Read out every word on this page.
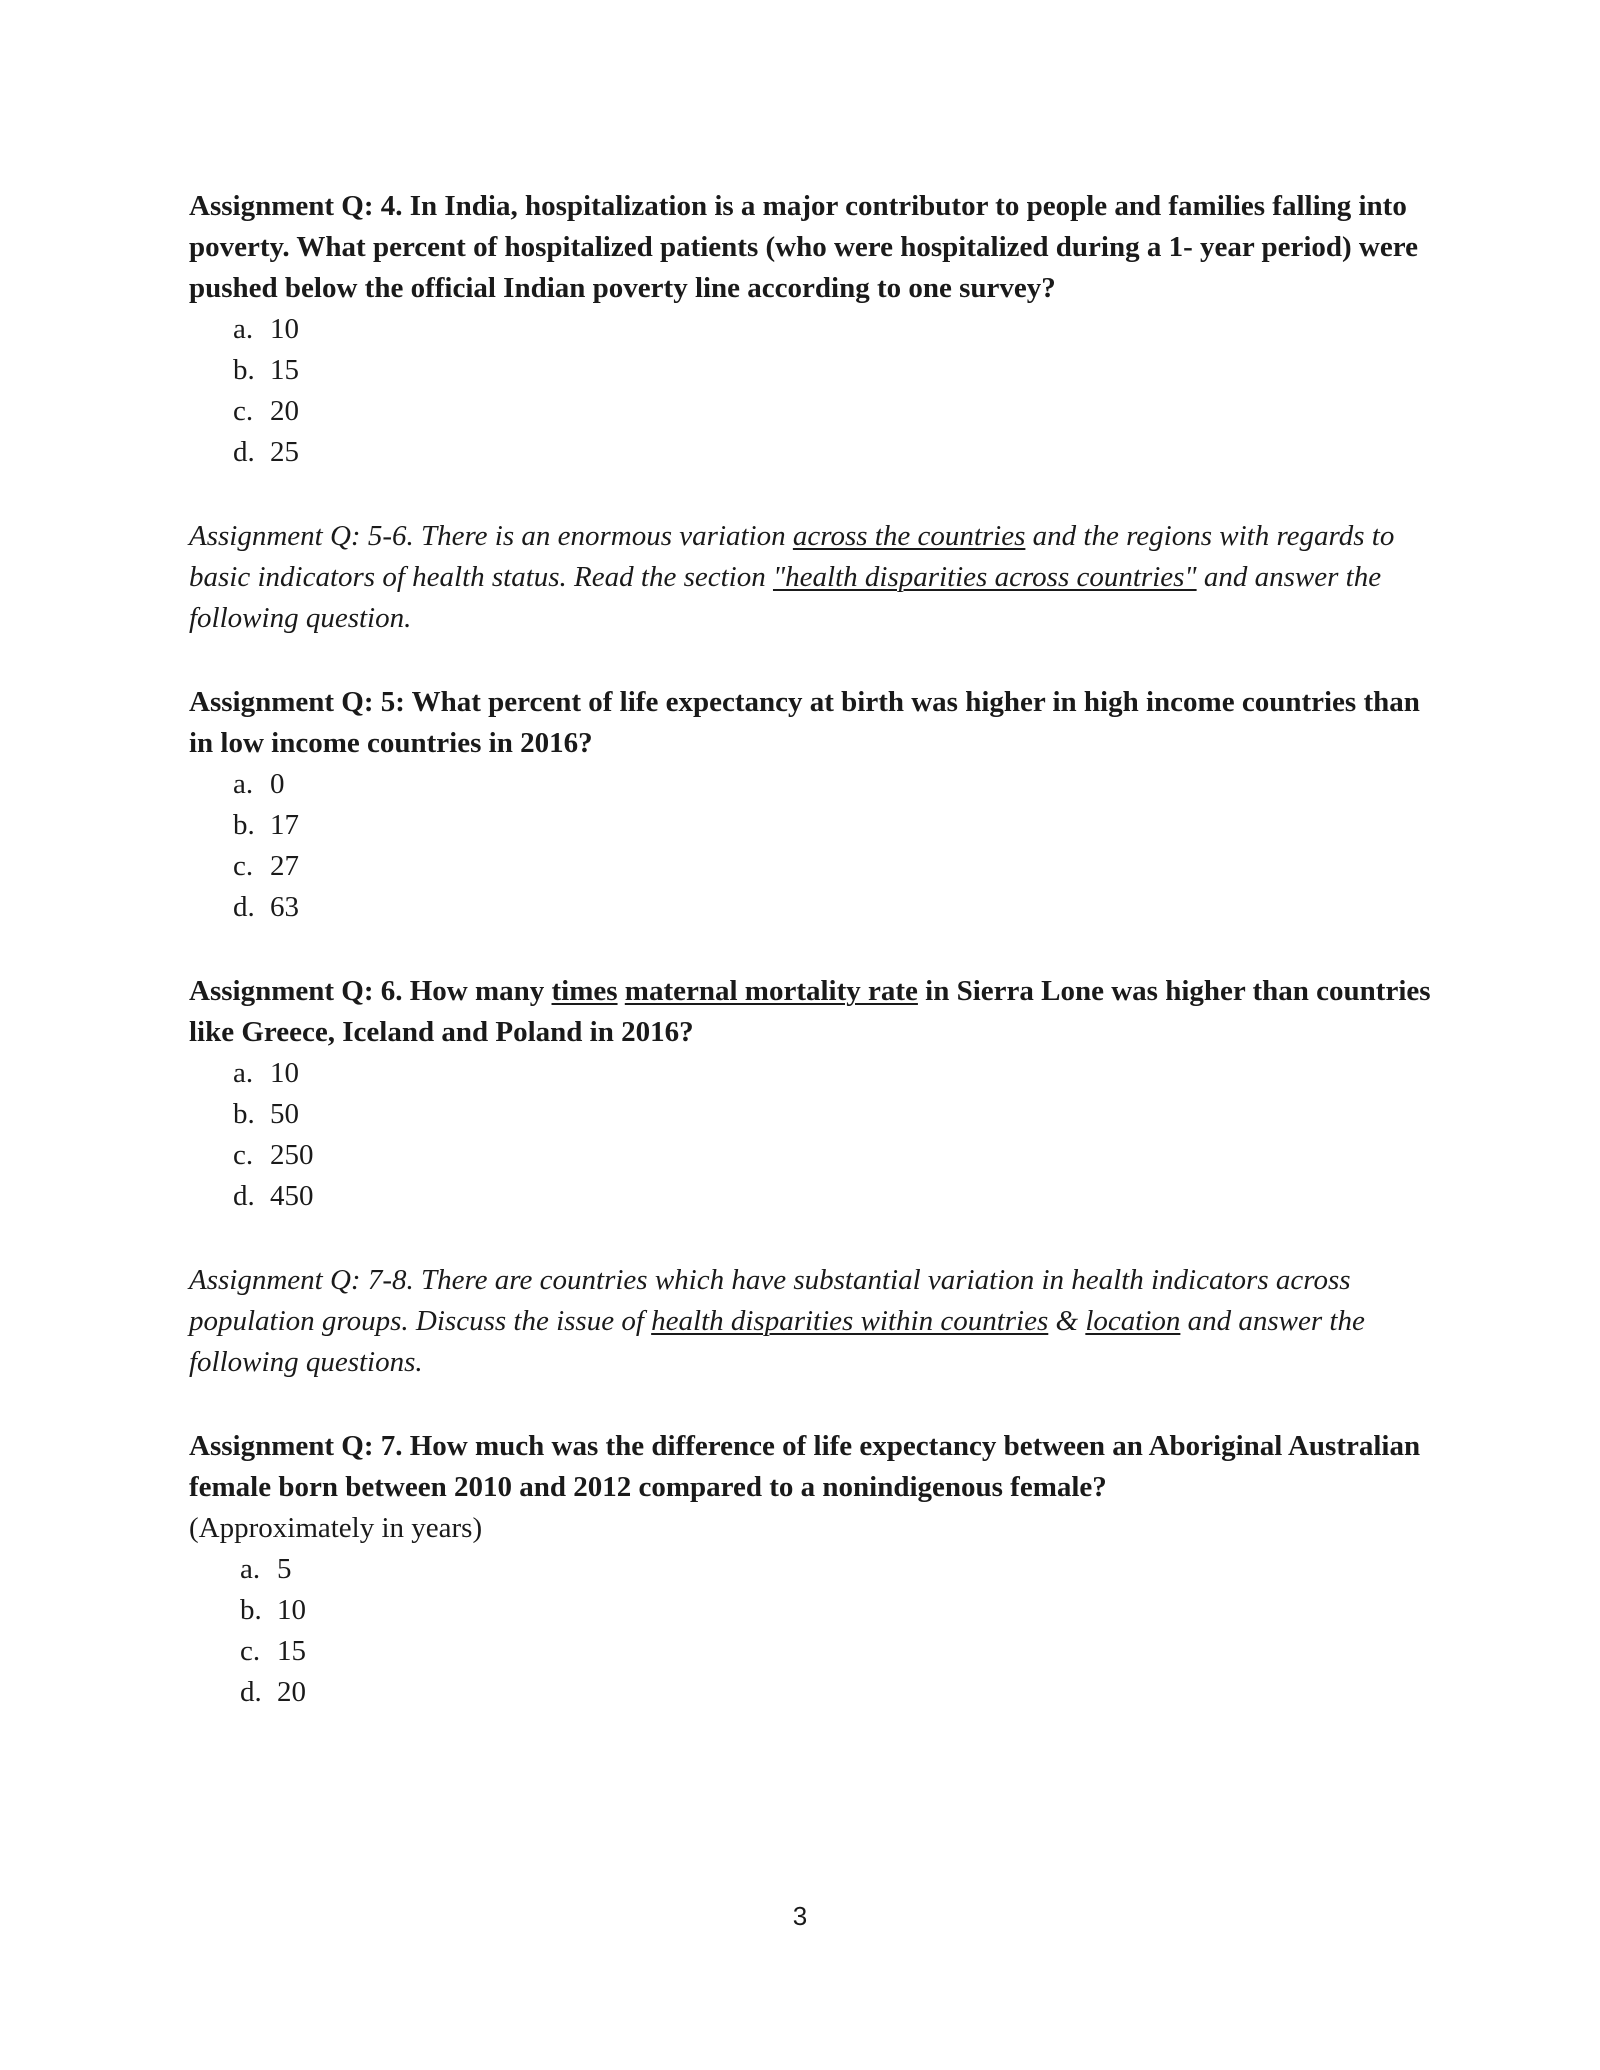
Assignment Q: 4. In India, hospitalization is a major contributor to people and families falling into poverty. What percent of hospitalized patients (who were hospitalized during a 1- year period) were pushed below the official Indian poverty line according to one survey?
a. 10
b. 15
c. 20
d. 25
Assignment Q: 5-6. There is an enormous variation across the countries and the regions with regards to basic indicators of health status. Read the section "health disparities across countries" and answer the following question.
Assignment Q: 5: What percent of life expectancy at birth was higher in high income countries than in low income countries in 2016?
a. 0
b. 17
c. 27
d. 63
Assignment Q: 6. How many times maternal mortality rate in Sierra Lone was higher than countries like Greece, Iceland and Poland in 2016?
a. 10
b. 50
c. 250
d. 450
Assignment Q: 7-8. There are countries which have substantial variation in health indicators across population groups. Discuss the issue of health disparities within countries & location and answer the following questions.
Assignment Q: 7. How much was the difference of life expectancy between an Aboriginal Australian female born between 2010 and 2012 compared to a nonindigenous female?
(Approximately in years)
a. 5
b. 10
c. 15
d. 20
3
